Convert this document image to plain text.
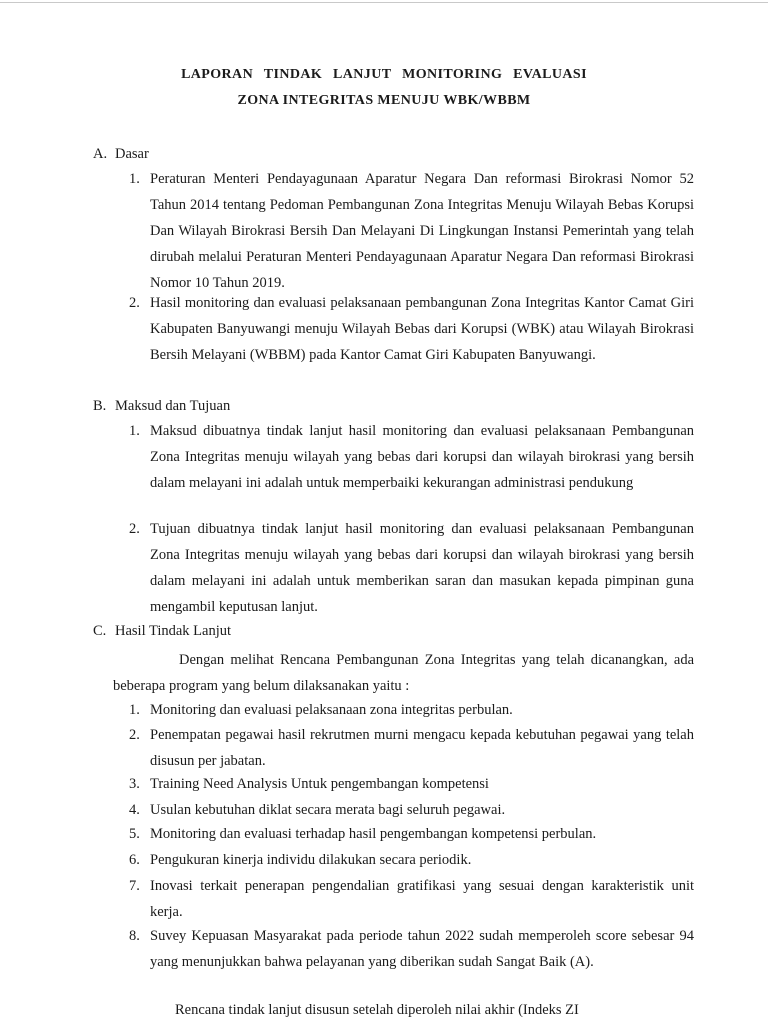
LAPORAN TINDAK LANJUT MONITORING EVALUASI
ZONA INTEGRITAS MENUJU WBK/WBBM
A. Dasar
1. Peraturan Menteri Pendayagunaan Aparatur Negara Dan reformasi Birokrasi Nomor 52 Tahun 2014 tentang Pedoman Pembangunan Zona Integritas Menuju Wilayah Bebas Korupsi Dan Wilayah Birokrasi Bersih Dan Melayani Di Lingkungan Instansi Pemerintah yang telah dirubah melalui Peraturan Menteri Pendayagunaan Aparatur Negara Dan reformasi Birokrasi Nomor 10 Tahun 2019.
2. Hasil monitoring dan evaluasi pelaksanaan pembangunan Zona Integritas Kantor Camat Giri Kabupaten Banyuwangi menuju Wilayah Bebas dari Korupsi (WBK) atau Wilayah Birokrasi Bersih Melayani (WBBM) pada Kantor Camat Giri Kabupaten Banyuwangi.
B. Maksud dan Tujuan
1. Maksud dibuatnya tindak lanjut hasil monitoring dan evaluasi pelaksanaan Pembangunan Zona Integritas menuju wilayah yang bebas dari korupsi dan wilayah birokrasi yang bersih dalam melayani ini adalah untuk memperbaiki kekurangan administrasi pendukung
2. Tujuan dibuatnya tindak lanjut hasil monitoring dan evaluasi pelaksanaan Pembangunan Zona Integritas menuju wilayah yang bebas dari korupsi dan wilayah birokrasi yang bersih dalam melayani ini adalah untuk memberikan saran dan masukan kepada pimpinan guna mengambil keputusan lanjut.
C. Hasil Tindak Lanjut
Dengan melihat Rencana Pembangunan Zona Integritas yang telah dicanangkan, ada beberapa program yang belum dilaksanakan yaitu :
1. Monitoring dan evaluasi pelaksanaan zona integritas perbulan.
2. Penempatan pegawai hasil rekrutmen murni mengacu kepada kebutuhan pegawai yang telah disusun per jabatan.
3. Training Need Analysis Untuk pengembangan kompetensi
4. Usulan kebutuhan diklat secara merata bagi seluruh pegawai.
5. Monitoring dan evaluasi terhadap hasil pengembangan kompetensi perbulan.
6. Pengukuran kinerja individu dilakukan secara periodik.
7. Inovasi terkait penerapan pengendalian gratifikasi yang sesuai dengan karakteristik unit kerja.
8. Suvey Kepuasan Masyarakat pada periode tahun 2022 sudah memperoleh score sebesar 94 yang menunjukkan bahwa pelayanan yang diberikan sudah Sangat Baik (A).
Rencana tindak lanjut disusun setelah diperoleh nilai akhir (Indeks ZI
